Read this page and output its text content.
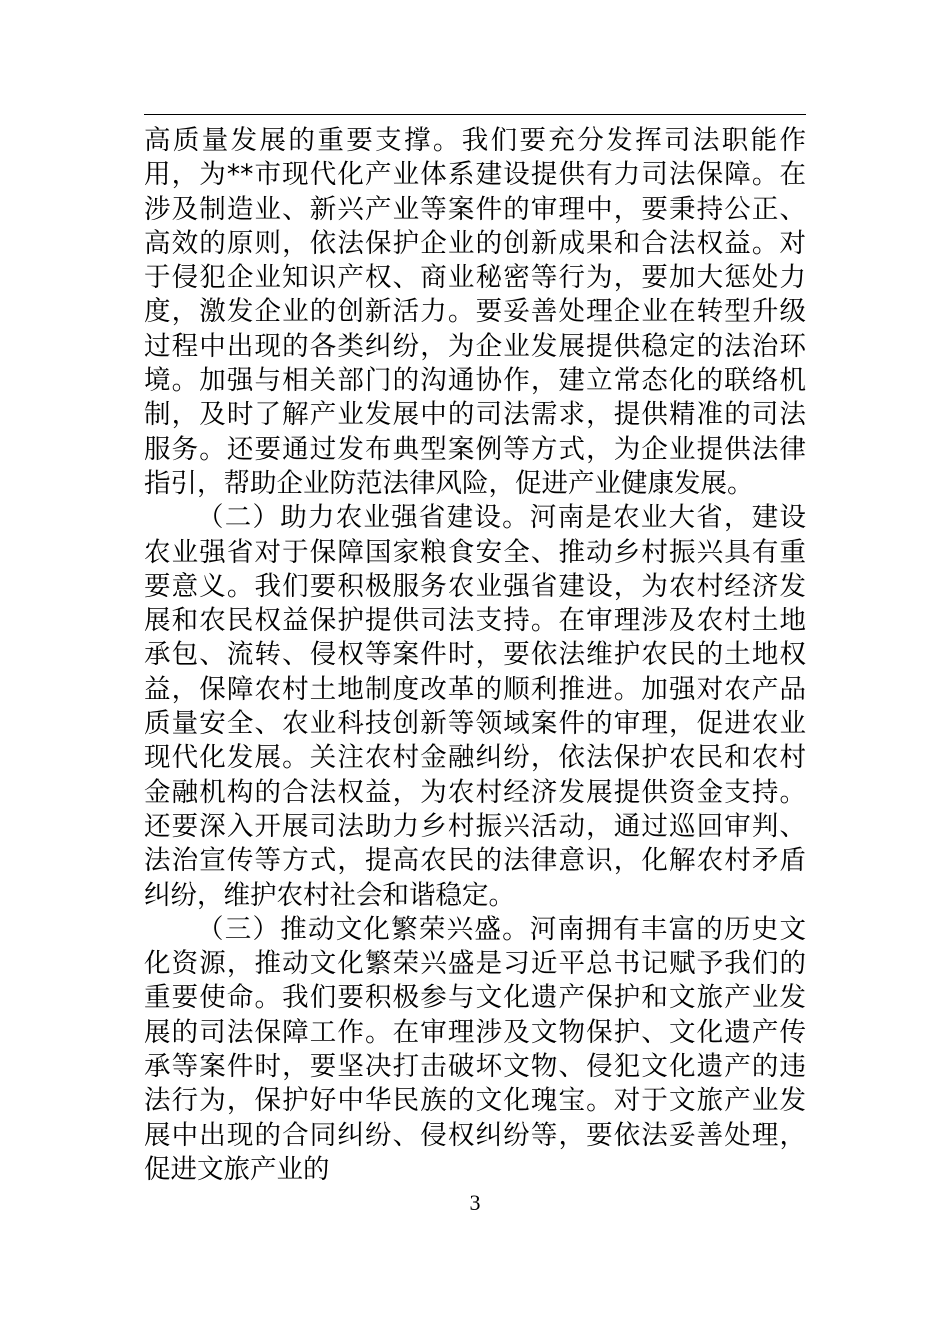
高质量发展的重要支撑。我们要充分发挥司法职能作用，为**市现代化产业体系建设提供有力司法保障。在涉及制造业、新兴产业等案件的审理中，要秉持公正、高效的原则，依法保护企业的创新成果和合法权益。对于侵犯企业知识产权、商业秘密等行为，要加大惩处力度，激发企业的创新活力。要妥善处理企业在转型升级过程中出现的各类纠纷，为企业发展提供稳定的法治环境。加强与相关部门的沟通协作，建立常态化的联络机制，及时了解产业发展中的司法需求，提供精准的司法服务。还要通过发布典型案例等方式，为企业提供法律指引，帮助企业防范法律风险，促进产业健康发展。

（二）助力农业强省建设。河南是农业大省，建设农业强省对于保障国家粮食安全、推动乡村振兴具有重要意义。我们要积极服务农业强省建设，为农村经济发展和农民权益保护提供司法支持。在审理涉及农村土地承包、流转、侵权等案件时，要依法维护农民的土地权益，保障农村土地制度改革的顺利推进。加强对农产品质量安全、农业科技创新等领域案件的审理，促进农业现代化发展。关注农村金融纠纷，依法保护农民和农村金融机构的合法权益，为农村经济发展提供资金支持。还要深入开展司法助力乡村振兴活动，通过巡回审判、法治宣传等方式，提高农民的法律意识，化解农村矛盾纠纷，维护农村社会和谐稳定。

（三）推动文化繁荣兴盛。河南拥有丰富的历史文化资源，推动文化繁荣兴盛是习近平总书记赋予我们的重要使命。我们要积极参与文化遗产保护和文旅产业发展的司法保障工作。在审理涉及文物保护、文化遗产传承等案件时，要坚决打击破坏文物、侵犯文化遗产的违法行为，保护好中华民族的文化瑰宝。对于文旅产业发展中出现的合同纠纷、侵权纠纷等，要依法妥善处理，促进文旅产业的

3
